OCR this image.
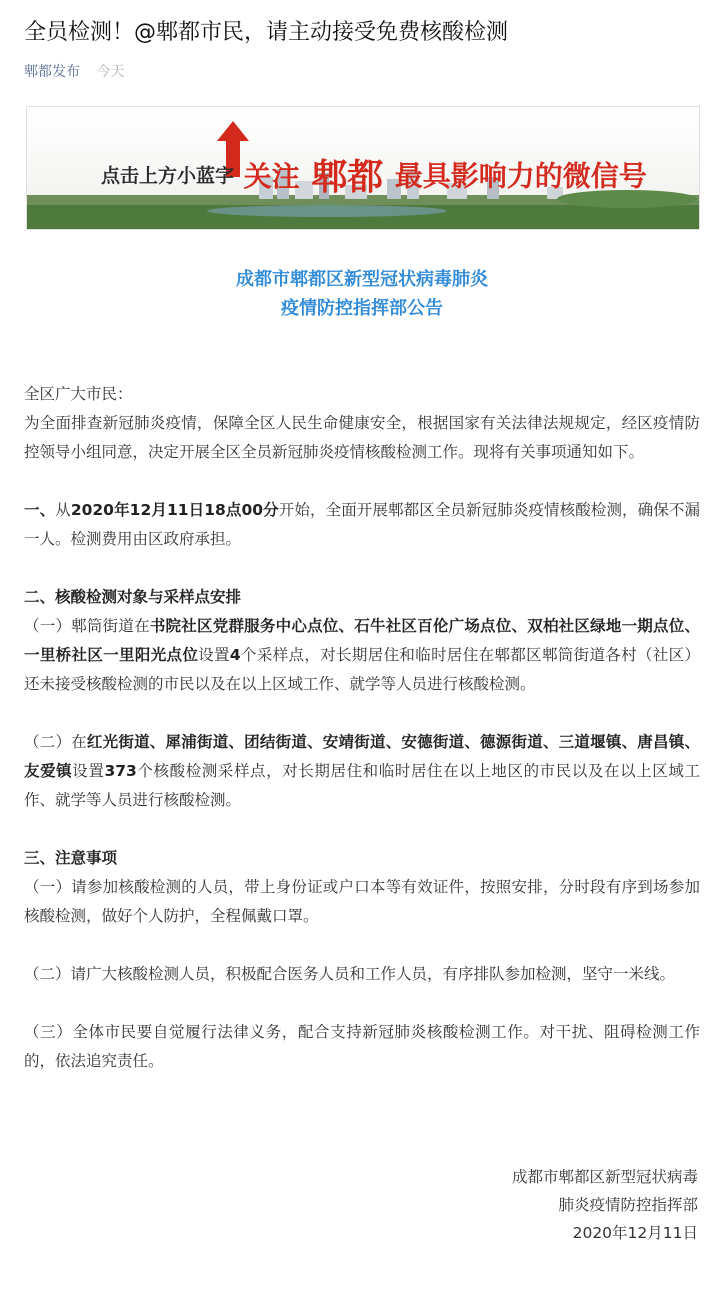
全员检测！@郫都市民，请主动接受免费核酸检测
郫都发布 今天
点击上方小蓝字 关注 郫都 最具影响力的微信号
成都市郫都区新型冠状病毒肺炎
疫情防控指挥部公告

全区广大市民：

为全面排查新冠肺炎疫情，保障全区人民生命健康安全，根据国家有关法律法规规定，经区疫情防控领导小组同意，决定开展全区全员新冠肺炎疫情核酸检测工作。现将有关事项通知如下。

一、从2020年12月11日18点00分开始，全面开展郫都区全员新冠肺炎疫情核酸检测，确保不漏一人。检测费用由区政府承担。

二、核酸检测对象与采样点安排

（一）郫筒街道在书院社区党群服务中心点位、石牛社区百伦广场点位、双柏社区绿地一期点位、一里桥社区一里阳光点位设置4个采样点，对长期居住和临时居住在郫都区郫筒街道各村（社区）还未接受核酸检测的市民以及在以上区域工作、就学等人员进行核酸检测。

（二）在红光街道、犀浦街道、团结街道、安靖街道、安德街道、德源街道、三道堰镇、唐昌镇、友爱镇设置373个核酸检测采样点，对长期居住和临时居住在以上地区的市民以及在以上区域工作、就学等人员进行核酸检测。

三、注意事项

（一）请参加核酸检测的人员，带上身份证或户口本等有效证件，按照安排，分时段有序到场参加核酸检测，做好个人防护，全程佩戴口罩。

（二）请广大核酸检测人员，积极配合医务人员和工作人员，有序排队参加检测，坚守一米线。

（三）全体市民要自觉履行法律义务，配合支持新冠肺炎核酸检测工作。对干扰、阻碍检测工作的，依法追究责任。

成都市郫都区新型冠状病毒
肺炎疫情防控指挥部
2020年12月11日
